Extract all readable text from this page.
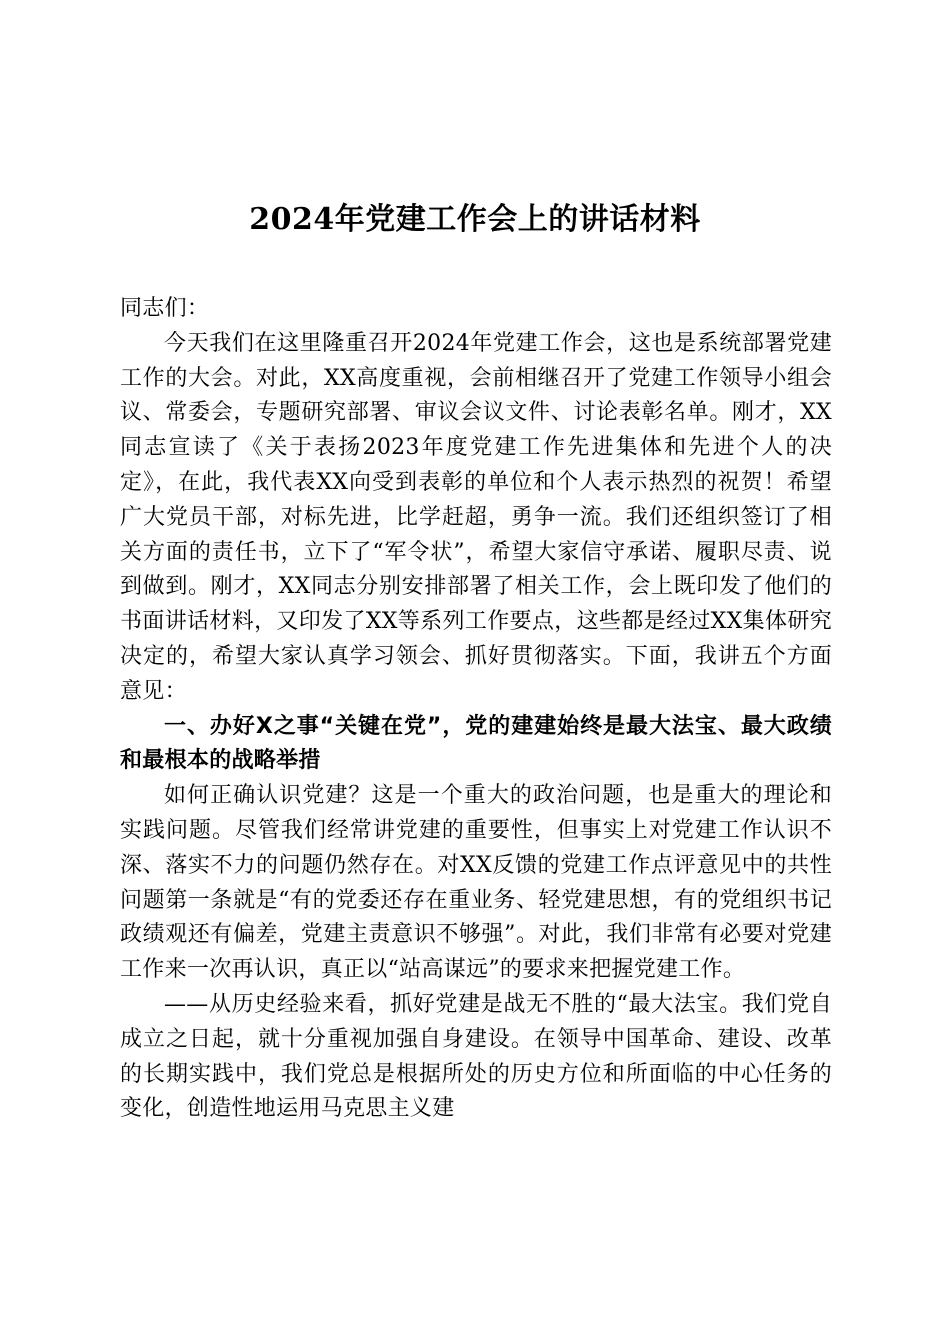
2024年党建工作会上的讲话材料

同志们：

今天我们在这里隆重召开2024年党建工作会，这也是系统部署党建工作的大会。对此，XX高度重视，会前相继召开了党建工作领导小组会议、常委会，专题研究部署、审议会议文件、讨论表彰名单。刚才，XX同志宣读了《关于表扬2023年度党建工作先进集体和先进个人的决定》，在此，我代表XX向受到表彰的单位和个人表示热烈的祝贺！希望广大党员干部，对标先进，比学赶超，勇争一流。我们还组织签订了相关方面的责任书，立下了“军令状”，希望大家信守承诺、履职尽责、说到做到。刚才，XX同志分别安排部署了相关工作，会上既印发了他们的书面讲话材料，又印发了XX等系列工作要点，这些都是经过XX集体研究决定的，希望大家认真学习领会、抓好贯彻落实。下面，我讲五个方面意见：

一、办好X之事“关键在党”，党的建建始终是最大法宝、最大政绩和最根本的战略举措

如何正确认识党建？这是一个重大的政治问题，也是重大的理论和实践问题。尽管我们经常讲党建的重要性，但事实上对党建工作认识不深、落实不力的问题仍然存在。对XX反馈的党建工作点评意见中的共性问题第一条就是“有的党委还存在重业务、轻党建思想，有的党组织书记政绩观还有偏差，党建主责意识不够强”。对此，我们非常有必要对党建工作来一次再认识，真正以“站高谋远”的要求来把握党建工作。

——从历史经验来看，抓好党建是战无不胜的“最大法宝。我们党自成立之日起，就十分重视加强自身建设。在领导中国革命、建设、改革的长期实践中，我们党总是根据所处的历史方位和所面临的中心任务的变化，创造性地运用马克思主义建
